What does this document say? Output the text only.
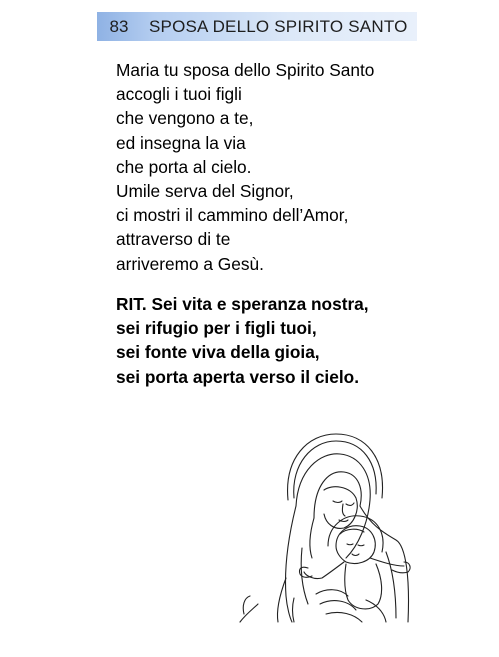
83	SPOSA DELLO SPIRITO SANTO
Maria tu sposa dello Spirito Santo
accogli i tuoi figli
che vengono a te,
ed insegna la via
che porta al cielo.
Umile serva del Signor,
ci mostri il cammino dell’Amor,
attraverso di te
arriveremo a Gesù.
RIT. Sei vita e speranza nostra,
sei rifugio per i figli tuoi,
sei fonte viva della gioia,
sei porta aperta verso il cielo.
